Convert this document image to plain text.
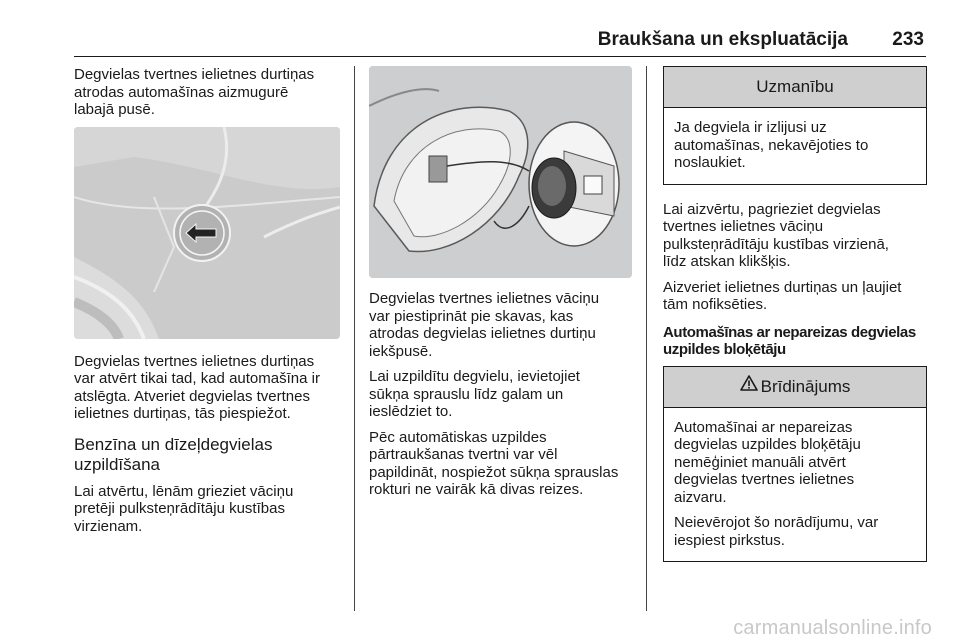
Braukšana un ekspluatācija 233

Degvielas tvertnes ielietnes durtiņas
atrodas automašīnas aizmugurē
labajā pusē.

Degvielas tvertnes ielietnes durtiņas
var atvērt tikai tad, kad automašīna ir
atslēgta. Atveriet degvielas tvertnes
ielietnes durtiņas, tās piespiežot.

Benzīna un dīzeļdegvielas
uzpildīšana

Lai atvērtu, lēnām grieziet vāciņu
pretēji pulksteņrādītāju kustības
virzienam.

Degvielas tvertnes ielietnes vāciņu
var piestiprināt pie skavas, kas
atrodas degvielas ielietnes durtiņu
iekšpusē.

Lai uzpildītu degvielu, ievietojiet
sūkņa sprauslu līdz galam un
ieslēdziet to.

Pēc automātiskas uzpildes
pārtraukšanas tvertni var vēl
papildināt, nospiežot sūkņa sprauslas
rokturi ne vairāk kā divas reizes.

Uzmanību

Ja degviela ir izlijusi uz
automašīnas, nekavējoties to
noslaukiet.

Lai aizvērtu, pagrieziet degvielas
tvertnes ielietnes vāciņu
pulksteņrādītāju kustības virzienā,
līdz atskan klikšķis.

Aizveriet ielietnes durtiņas un ļaujiet
tām nofiksēties.

Automašīnas ar nepareizas degvielas
uzpildes bloķētāju
Brīdinājums

Automašīnai ar nepareizas
degvielas uzpildes bloķētāju
nemēģiniet manuāli atvērt
degvielas tvertnes ielietnes
aizvaru.

Neievērojot šo norādījumu, var
iespiest pirkstus.

carmanualsonline.info
